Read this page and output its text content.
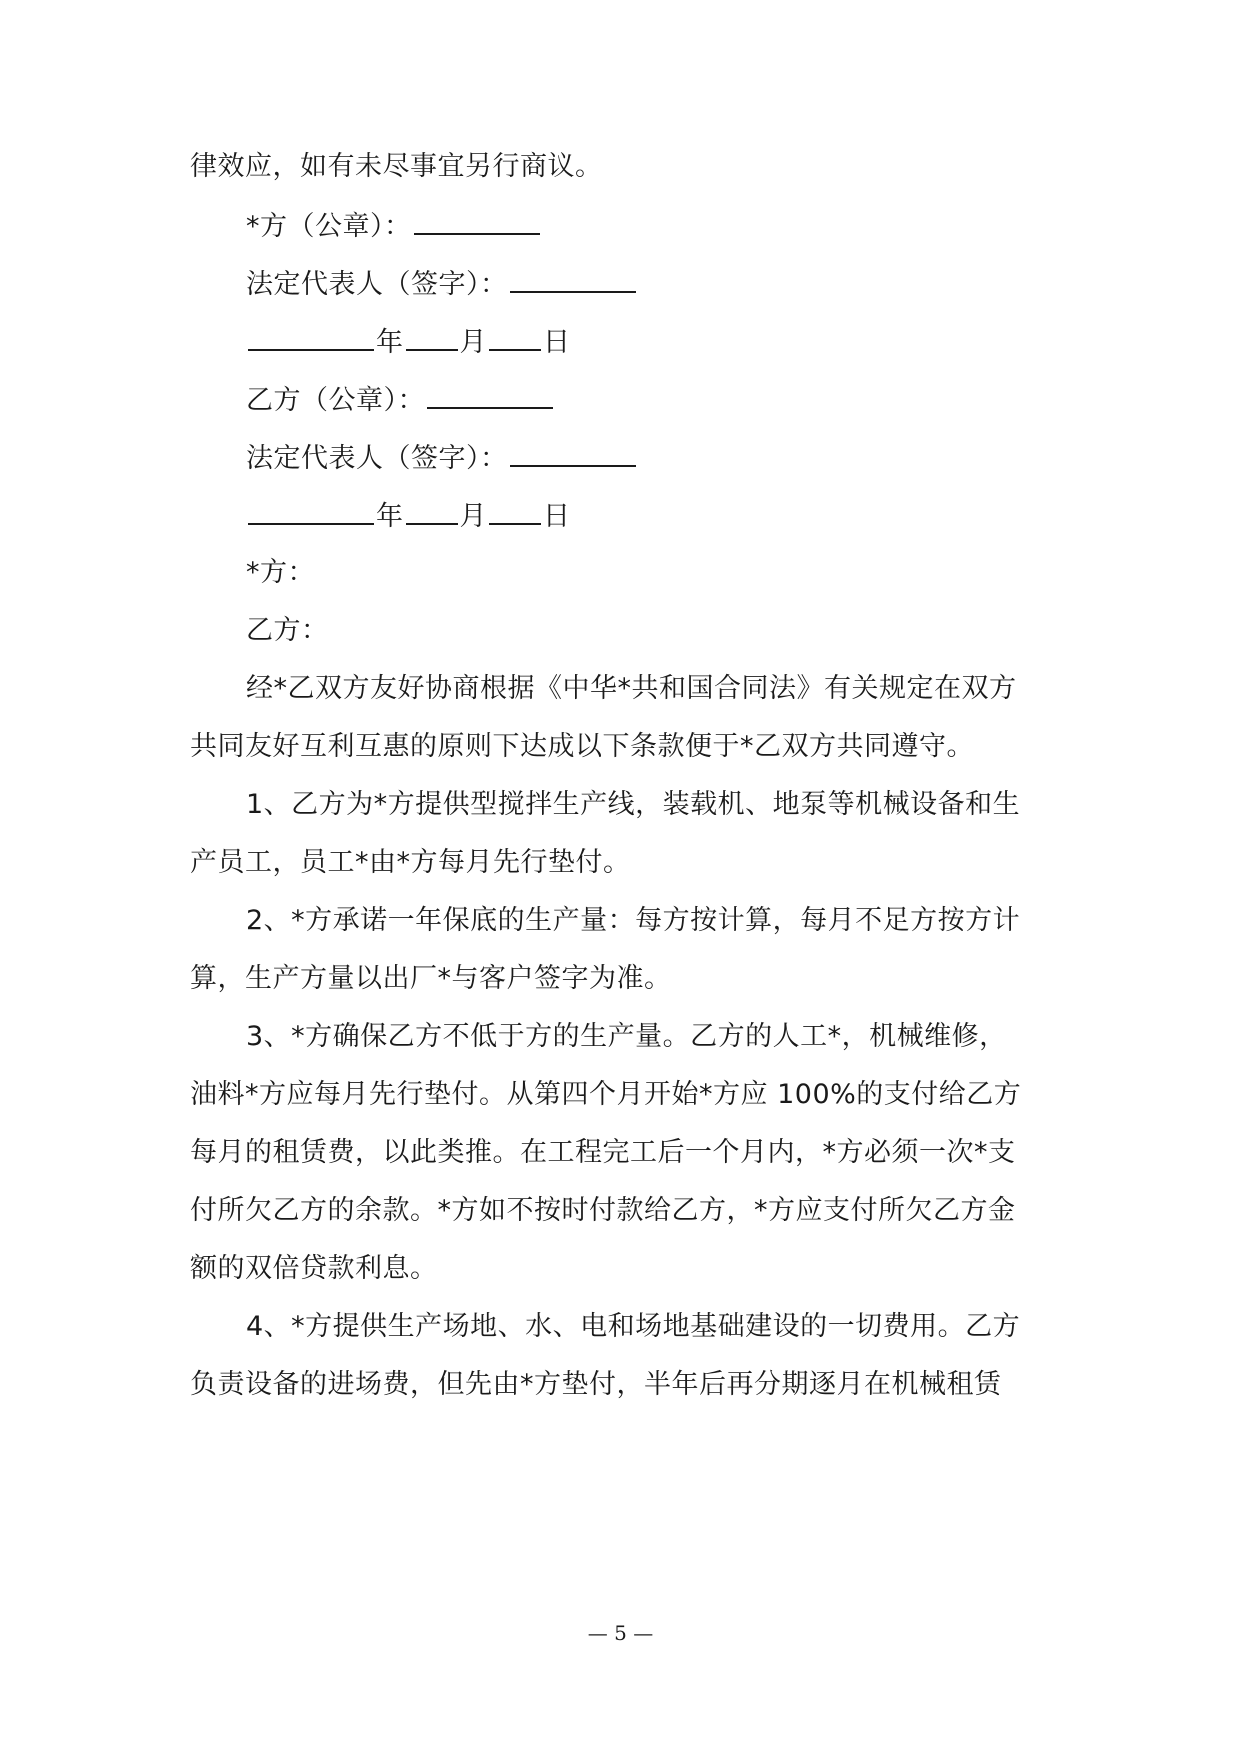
律效应，如有未尽事宜另行商议。
*方（公章）：
法定代表人（签字）：
年 月 日
乙方（公章）：
法定代表人（签字）：
年 月 日
*方：
乙方：
经*乙双方友好协商根据《中华*共和国合同法》有关规定在双方
共同友好互利互惠的原则下达成以下条款便于*乙双方共同遵守。
1、乙方为*方提供型搅拌生产线，装载机、地泵等机械设备和生
产员工，员工*由*方每月先行垫付。
2、*方承诺一年保底的生产量：每方按计算，每月不足方按方计
算，生产方量以出厂*与客户签字为准。
3、*方确保乙方不低于方的生产量。乙方的人工*，机械维修，
油料*方应每月先行垫付。从第四个月开始*方应 100%的支付给乙方
每月的租赁费，以此类推。在工程完工后一个月内，*方必须一次*支
付所欠乙方的余款。*方如不按时付款给乙方，*方应支付所欠乙方金
额的双倍贷款利息。
4、*方提供生产场地、水、电和场地基础建设的一切费用。乙方
负责设备的进场费，但先由*方垫付，半年后再分期逐月在机械租赁
— 5 —
